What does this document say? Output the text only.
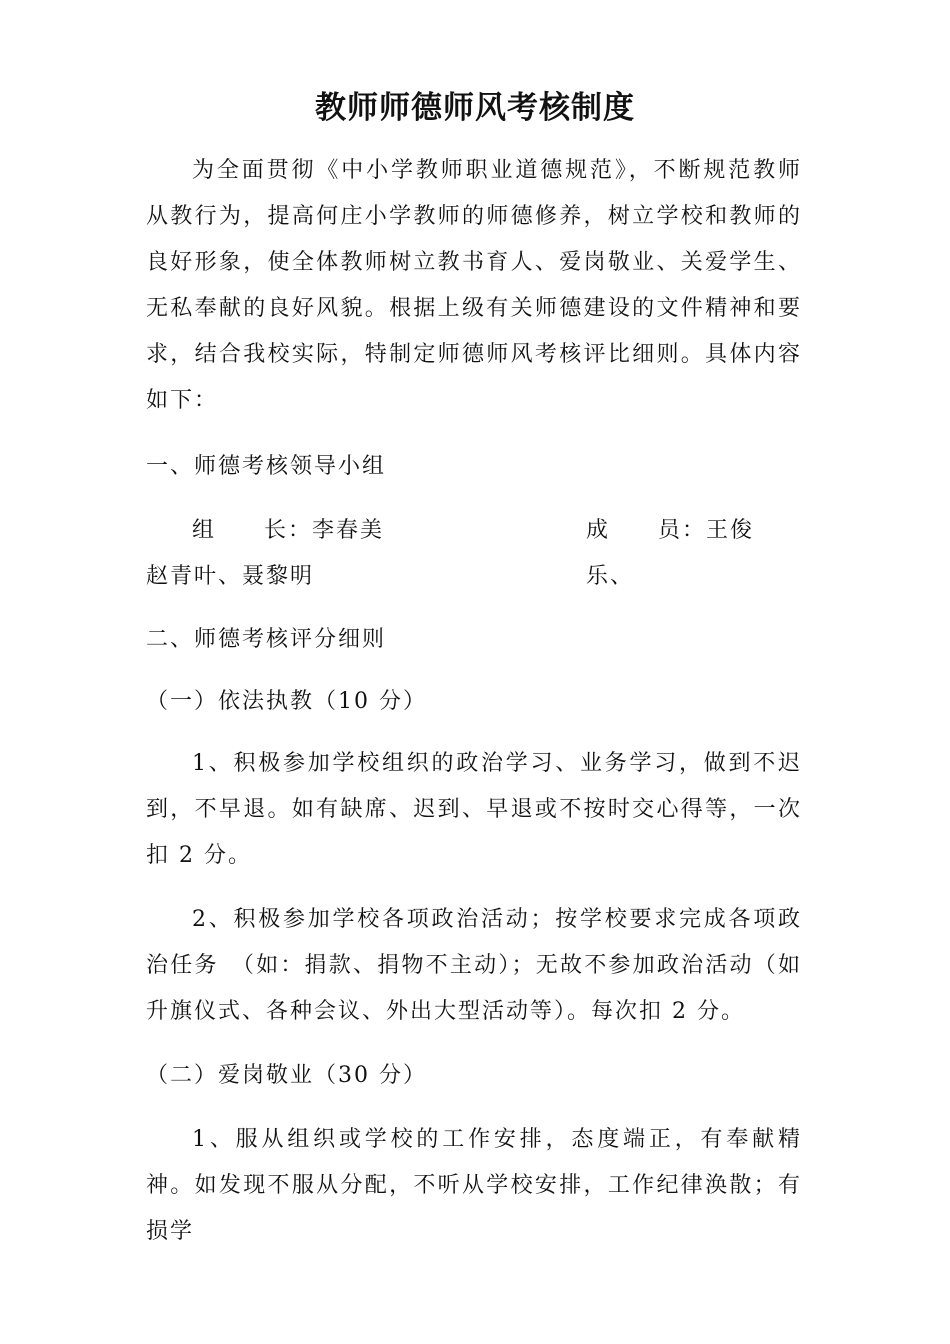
教师师德师风考核制度

为全面贯彻《中小学教师职业道德规范》，不断规范教师从教行为，提高何庄小学教师的师德修养，树立学校和教师的良好形象，使全体教师树立教书育人、爱岗敬业、关爱学生、无私奉献的良好风貌。根据上级有关师德建设的文件精神和要求，结合我校实际，特制定师德师风考核评比细则。具体内容如下：

一、师德考核领导小组

组　　长：李春美	成　　员：王俊乐、
赵青叶、聂黎明

二、师德考核评分细则

（一）依法执教（10 分）

1、积极参加学校组织的政治学习、业务学习，做到不迟到，不早退。如有缺席、迟到、早退或不按时交心得等，一次扣 2 分。

2、积极参加学校各项政治活动；按学校要求完成各项政治任务　（如：捐款、捐物不主动）；无故不参加政治活动（如升旗仪式、各种会议、外出大型活动等）。每次扣 2 分。

（二）爱岗敬业（30 分）

1、服从组织或学校的工作安排，态度端正，有奉献精神。如发现不服从分配，不听从学校安排，工作纪律涣散；有损学
